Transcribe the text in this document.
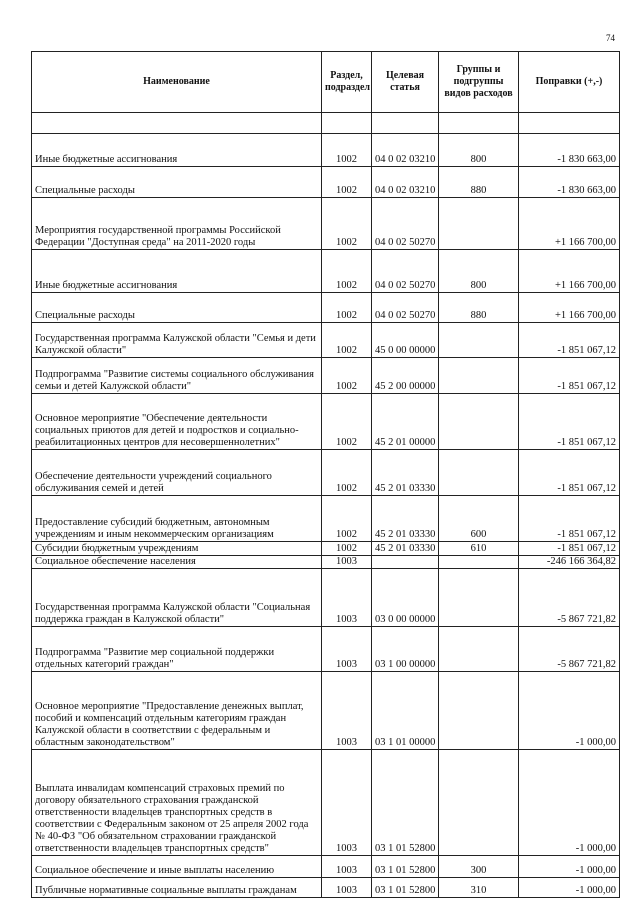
74
Наименование	Раздел, подраздел	Целевая статья	Группы и подгруппы видов расходов	Поправки (+,-)

Иные бюджетные ассигнования	1002	04 0 02 03210	800	-1 830 663,00
Специальные расходы	1002	04 0 02 03210	880	-1 830 663,00
Мероприятия государственной программы Российской Федерации "Доступная среда" на 2011-2020 годы	1002	04 0 02 50270		+1 166 700,00
Иные бюджетные ассигнования	1002	04 0 02 50270	800	+1 166 700,00
Специальные расходы	1002	04 0 02 50270	880	+1 166 700,00
Государственная программа Калужской области "Семья и дети Калужской области"	1002	45 0 00 00000		-1 851 067,12
Подпрограмма "Развитие системы социального обслуживания семьи и детей Калужской области"	1002	45 2 00 00000		-1 851 067,12
Основное мероприятие "Обеспечение деятельности социальных приютов для детей и подростков и социально-реабилитационных центров для несовершеннолетних"	1002	45 2 01 00000		-1 851 067,12
Обеспечение деятельности учреждений социального обслуживания семей и детей	1002	45 2 01 03330		-1 851 067,12
Предоставление субсидий бюджетным, автономным учреждениям и иным некоммерческим организациям	1002	45 2 01 03330	600	-1 851 067,12
Субсидии бюджетным учреждениям	1002	45 2 01 03330	610	-1 851 067,12
Социальное обеспечение населения	1003			-246 166 364,82
Государственная программа Калужской области "Социальная поддержка граждан в Калужской области"	1003	03 0 00 00000		-5 867 721,82
Подпрограмма "Развитие мер социальной поддержки отдельных категорий граждан"	1003	03 1 00 00000		-5 867 721,82
Основное мероприятие "Предоставление денежных выплат, пособий и компенсаций отдельным категориям граждан Калужской области в соответствии с федеральным и областным законодательством"	1003	03 1 01 00000		-1 000,00
Выплата инвалидам компенсаций страховых премий по договору обязательного страхования гражданской ответственности владельцев транспортных средств в соответствии с Федеральным законом от 25 апреля 2002 года № 40-ФЗ "Об обязательном страховании гражданской ответственности владельцев транспортных средств"	1003	03 1 01 52800		-1 000,00
Социальное обеспечение и иные выплаты населению	1003	03 1 01 52800	300	-1 000,00
Публичные нормативные социальные выплаты гражданам	1003	03 1 01 52800	310	-1 000,00
